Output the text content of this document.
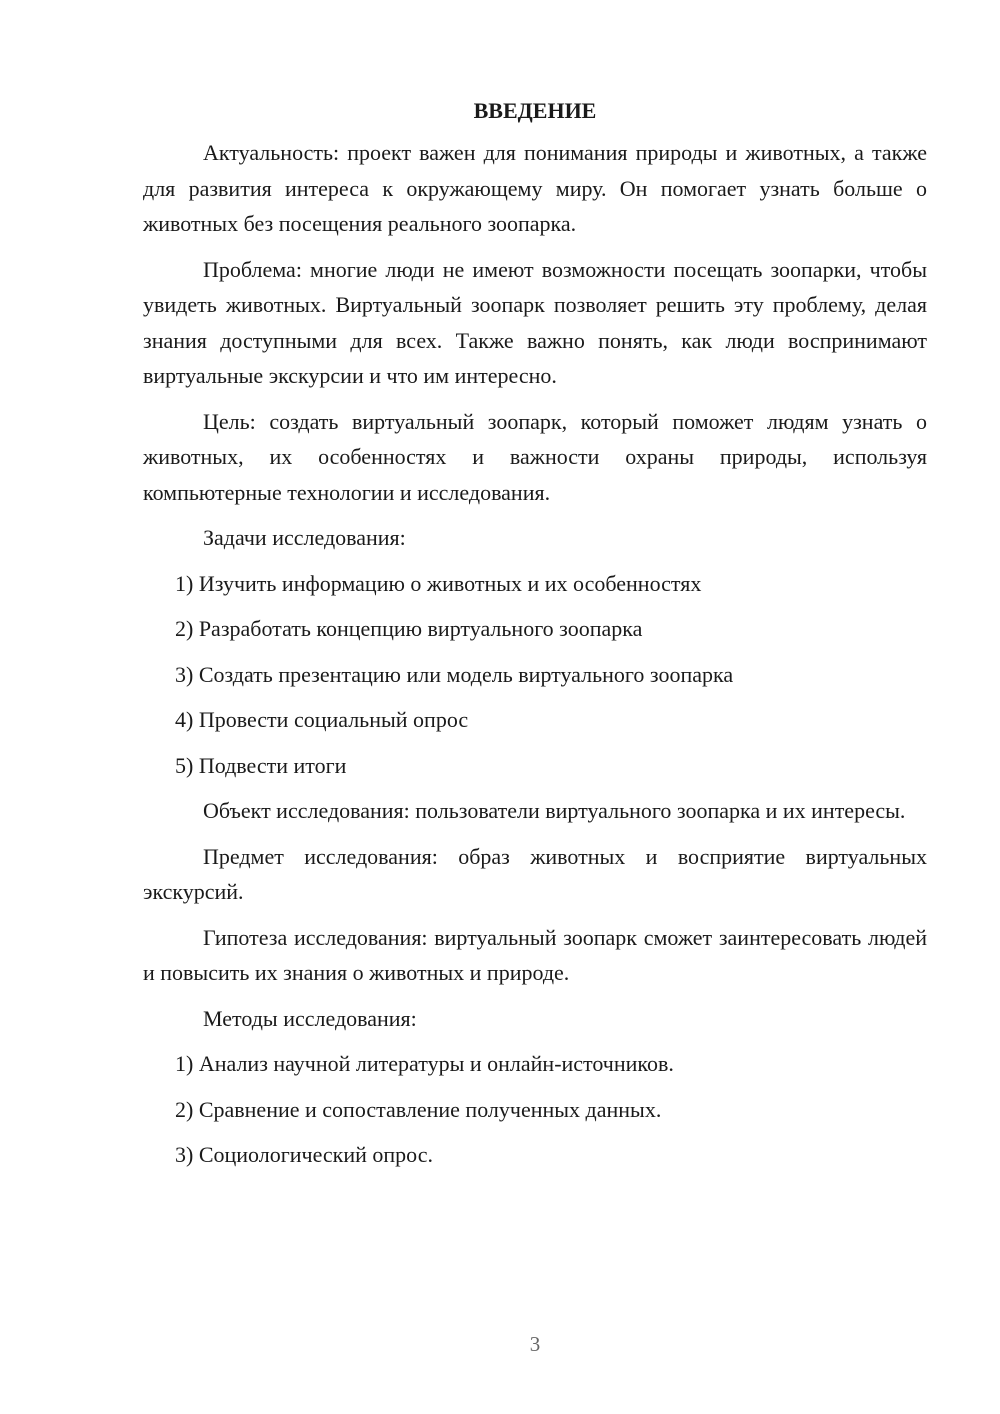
ВВЕДЕНИЕ

Актуальность: проект важен для понимания природы и животных, а также для развития интереса к окружающему миру. Он помогает узнать больше о животных без посещения реального зоопарка.

Проблема: многие люди не имеют возможности посещать зоопарки, чтобы увидеть животных. Виртуальный зоопарк позволяет решить эту проблему, делая знания доступными для всех. Также важно понять, как люди воспринимают виртуальные экскурсии и что им интересно.

Цель: создать виртуальный зоопарк, который поможет людям узнать о животных, их особенностях и важности охраны природы, используя компьютерные технологии и исследования.

Задачи исследования:

1) Изучить информацию о животных и их особенностях

2) Разработать концепцию виртуального зоопарка

3) Создать презентацию или модель виртуального зоопарка

4) Провести социальный опрос

5) Подвести итоги

Объект исследования: пользователи виртуального зоопарка и их интересы.

Предмет исследования: образ животных и восприятие виртуальных экскурсий.

Гипотеза исследования: виртуальный зоопарк сможет заинтересовать людей и повысить их знания о животных и природе.

Методы исследования:

1) Анализ научной литературы и онлайн-источников.

2) Сравнение и сопоставление полученных данных.

3) Социологический опрос.

3
